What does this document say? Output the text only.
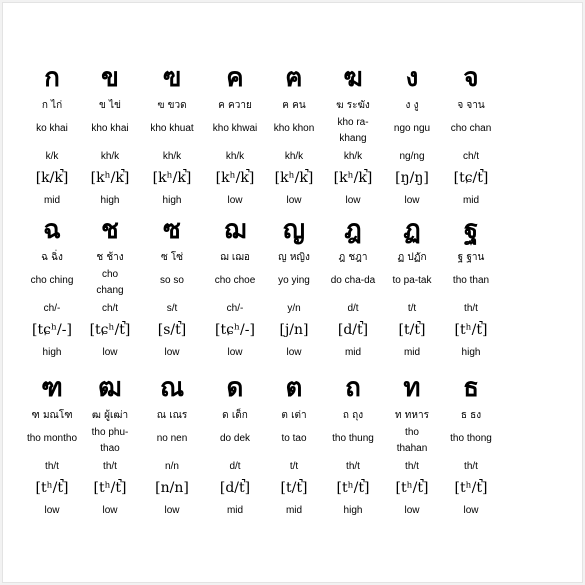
ก
ก ไก่
ko khai
k/k
[k/k̚]
mid
ข
ข ไข่
kho khai
kh/k
[kʰ/k̚]
high
ฃ
ฃ ขวด
kho khuat
kh/k
[kʰ/k̚]
high
ค
ค ควาย
kho khwai
kh/k
[kʰ/k̚]
low
ฅ
ฅ คน
kho khon
kh/k
[kʰ/k̚]
low
ฆ
ฆ ระฆัง
kho ra-
khang
kh/k
[kʰ/k̚]
low
ง
ง งู
ngo ngu
ng/ng
[ŋ/ŋ]
low
จ
จ จาน
cho chan
ch/t
[tɕ/t̚]
mid
ฉ
ฉ ฉิ่ง
cho ching
ch/-
[tɕʰ/-]
high
ช
ช ช้าง
cho
chang
ch/t
[tɕʰ/t̚]
low
ซ
ซ โซ่
so so
s/t
[s/t̚]
low
ฌ
ฌ เฌอ
cho choe
ch/-
[tɕʰ/-]
low
ญ
ญ หญิง
yo ying
y/n
[j/n]
low
ฎ
ฎ ชฎา
do cha-da
d/t
[d/t̚]
mid
ฏ
ฏ ปฏัก
to pa-tak
t/t
[t/t̚]
mid
ฐ
ฐ ฐาน
tho than
th/t
[tʰ/t̚]
high
ฑ
ฑ มณโฑ
tho montho
th/t
[tʰ/t̚]
low
ฒ
ฒ ผู้เฒ่า
tho phu-
thao
th/t
[tʰ/t̚]
low
ณ
ณ เณร
no nen
n/n
[n/n]
low
ด
ด เด็ก
do dek
d/t
[d/t̚]
mid
ต
ต เต่า
to tao
t/t
[t/t̚]
mid
ถ
ถ ถุง
tho thung
th/t
[tʰ/t̚]
high
ท
ท ทหาร
tho
thahan
th/t
[tʰ/t̚]
low
ธ
ธ ธง
tho thong
th/t
[tʰ/t̚]
low
